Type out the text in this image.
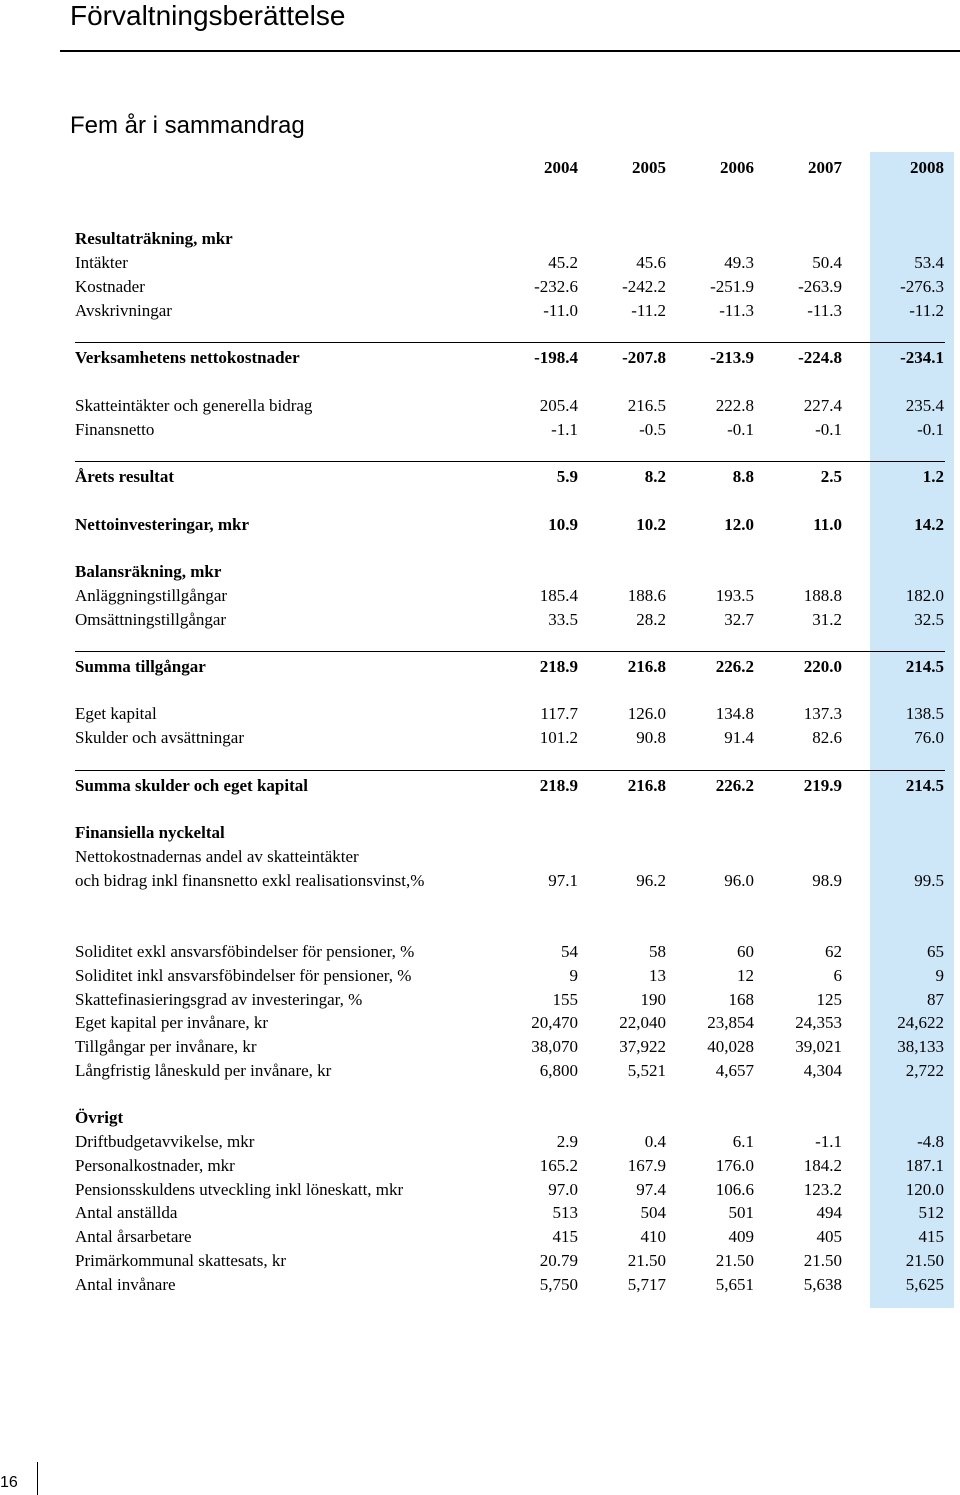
Förvaltningsberättelse
Fem år i sammandrag
2004	2005	2006	2007	2008
Resultaträkning, mkr
Intäkter	45.2	45.6	49.3	50.4	53.4
Kostnader	-232.6	-242.2	-251.9	-263.9	-276.3
Avskrivningar	-11.0	-11.2	-11.3	-11.3	-11.2
Verksamhetens nettokostnader	-198.4	-207.8	-213.9	-224.8	-234.1
Skatteintäkter och generella bidrag	205.4	216.5	222.8	227.4	235.4
Finansnetto	-1.1	-0.5	-0.1	-0.1	-0.1
Årets resultat	5.9	8.2	8.8	2.5	1.2
Nettoinvesteringar, mkr	10.9	10.2	12.0	11.0	14.2
Balansräkning, mkr
Anläggningstillgångar	185.4	188.6	193.5	188.8	182.0
Omsättningstillgångar	33.5	28.2	32.7	31.2	32.5
Summa tillgångar	218.9	216.8	226.2	220.0	214.5
Eget kapital	117.7	126.0	134.8	137.3	138.5
Skulder och avsättningar	101.2	90.8	91.4	82.6	76.0
Summa skulder och eget kapital	218.9	216.8	226.2	219.9	214.5
Finansiella nyckeltal
Nettokostnadernas andel av skatteintäkter
och bidrag inkl finansnetto exkl realisationsvinst,%	97.1	96.2	96.0	98.9	99.5
Soliditet exkl ansvarsföbindelser för pensioner, %	54	58	60	62	65
Soliditet inkl ansvarsföbindelser för pensioner, %	9	13	12	6	9
Skattefinasieringsgrad av investeringar, %	155	190	168	125	87
Eget kapital per invånare, kr	20,470	22,040	23,854	24,353	24,622
Tillgångar per invånare, kr	38,070	37,922	40,028	39,021	38,133
Långfristig låneskuld per invånare, kr	6,800	5,521	4,657	4,304	2,722
Övrigt
Driftbudgetavvikelse, mkr	2.9	0.4	6.1	-1.1	-4.8
Personalkostnader, mkr	165.2	167.9	176.0	184.2	187.1
Pensionsskuldens utveckling inkl löneskatt, mkr	97.0	97.4	106.6	123.2	120.0
Antal anställda	513	504	501	494	512
Antal årsarbetare	415	410	409	405	415
Primärkommunal skattesats, kr	20.79	21.50	21.50	21.50	21.50
Antal invånare	5,750	5,717	5,651	5,638	5,625
16
